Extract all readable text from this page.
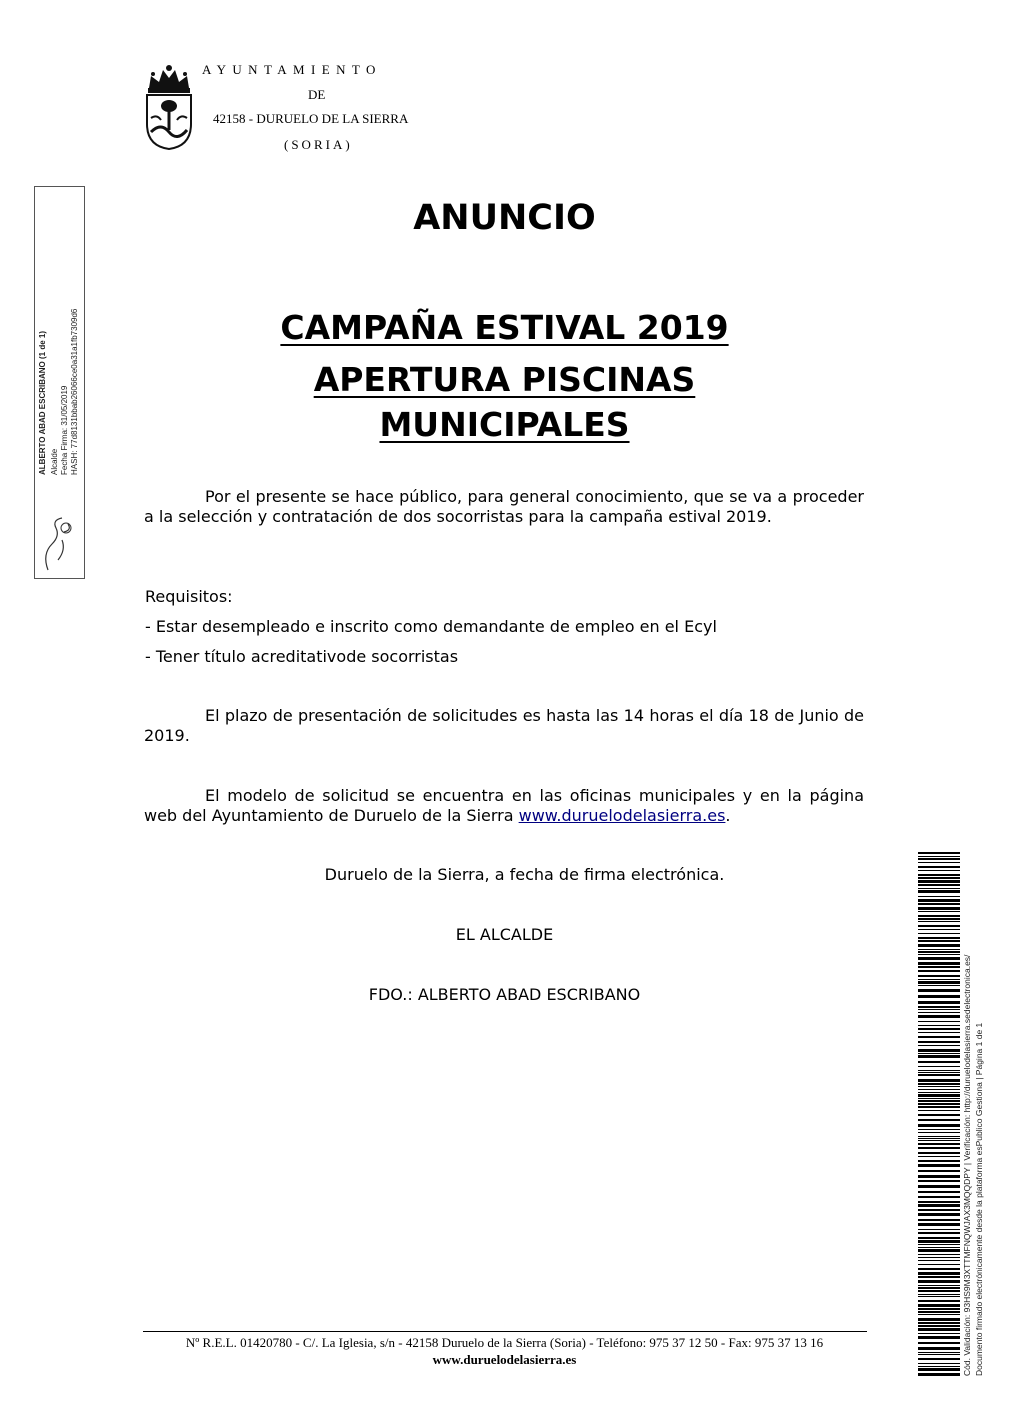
AYUNTAMIENTO
DE
42158 - DURUELO DE LA SIERRA
(SORIA)
ALBERTO ABAD ESCRIBANO (1 de 1) Alcalde Fecha Firma: 31/05/2019 HASH: 77d8131bbab26066ce0a31a1fb7309d6
ANUNCIO
CAMPAÑA ESTIVAL 2019
APERTURA PISCINAS
MUNICIPALES
Por el presente se hace público, para general conocimiento, que se va a proceder a la selección y contratación de dos socorristas para la campaña estival 2019.
Requisitos:
- Estar desempleado e inscrito como demandante de empleo en el Ecyl
- Tener título acreditativode socorristas
El plazo de presentación de solicitudes es hasta las 14 horas el día 18 de Junio de 2019.
El modelo de solicitud se encuentra en las oficinas municipales y en la página web del Ayuntamiento de Duruelo de la Sierra www.duruelodelasierra.es.
Duruelo de la Sierra, a fecha de firma electrónica.
EL ALCALDE
FDO.: ALBERTO ABAD ESCRIBANO
Nº R.E.L. 01420780 - C/. La Iglesia, s/n - 42158 Duruelo de la Sierra (Soria) - Teléfono: 975 37 12 50 - Fax: 975 37 13 16
www.duruelodelasierra.es	Cód. Validación: 93HS9M3XTTMFNQWJAX3MQQDPY | Verificación: http://duruelodelasierra.sedelectronica.es/ Documento firmado electrónicamente desde la plataforma esPublico Gestiona | Página 1 de 1
